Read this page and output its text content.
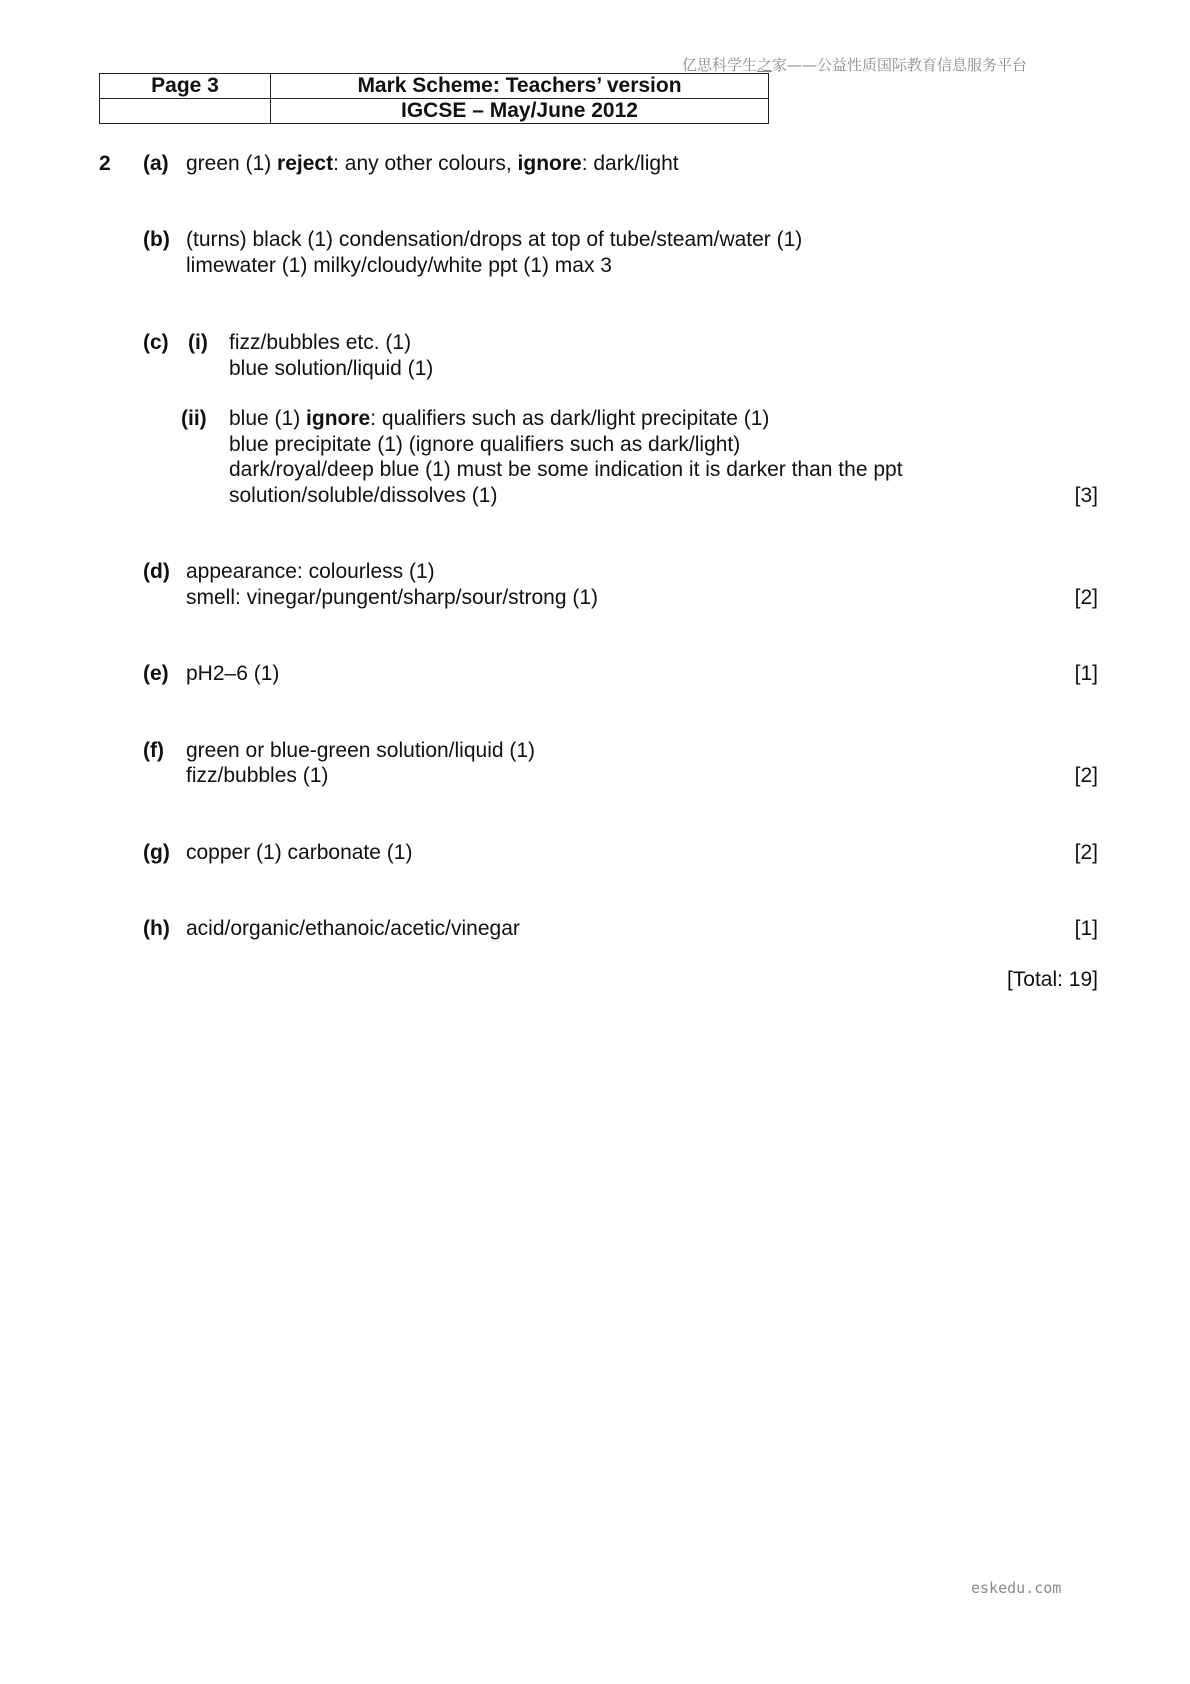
亿思科学生之家——公益性质国际教育信息服务平台
Page 3	Mark Scheme: Teachers’ version
	IGCSE – May/June 2012
2 (a) green (1) reject: any other colours, ignore: dark/light
(b) (turns) black (1) condensation/drops at top of tube/steam/water (1)
limewater (1) milky/cloudy/white ppt (1) max 3
(c) (i) fizz/bubbles etc. (1)
blue solution/liquid (1)
(ii) blue (1) ignore: qualifiers such as dark/light precipitate (1)
blue precipitate (1) (ignore qualifiers such as dark/light)
dark/royal/deep blue (1) must be some indication it is darker than the ppt
solution/soluble/dissolves (1)	[3]
(d) appearance: colourless (1)
smell: vinegar/pungent/sharp/sour/strong (1)	[2]
(e) pH2–6 (1)	[1]
(f) green or blue-green solution/liquid (1)
fizz/bubbles (1)	[2]
(g) copper (1) carbonate (1)	[2]
(h) acid/organic/ethanoic/acetic/vinegar	[1]
[Total: 19]
eskedu.com
